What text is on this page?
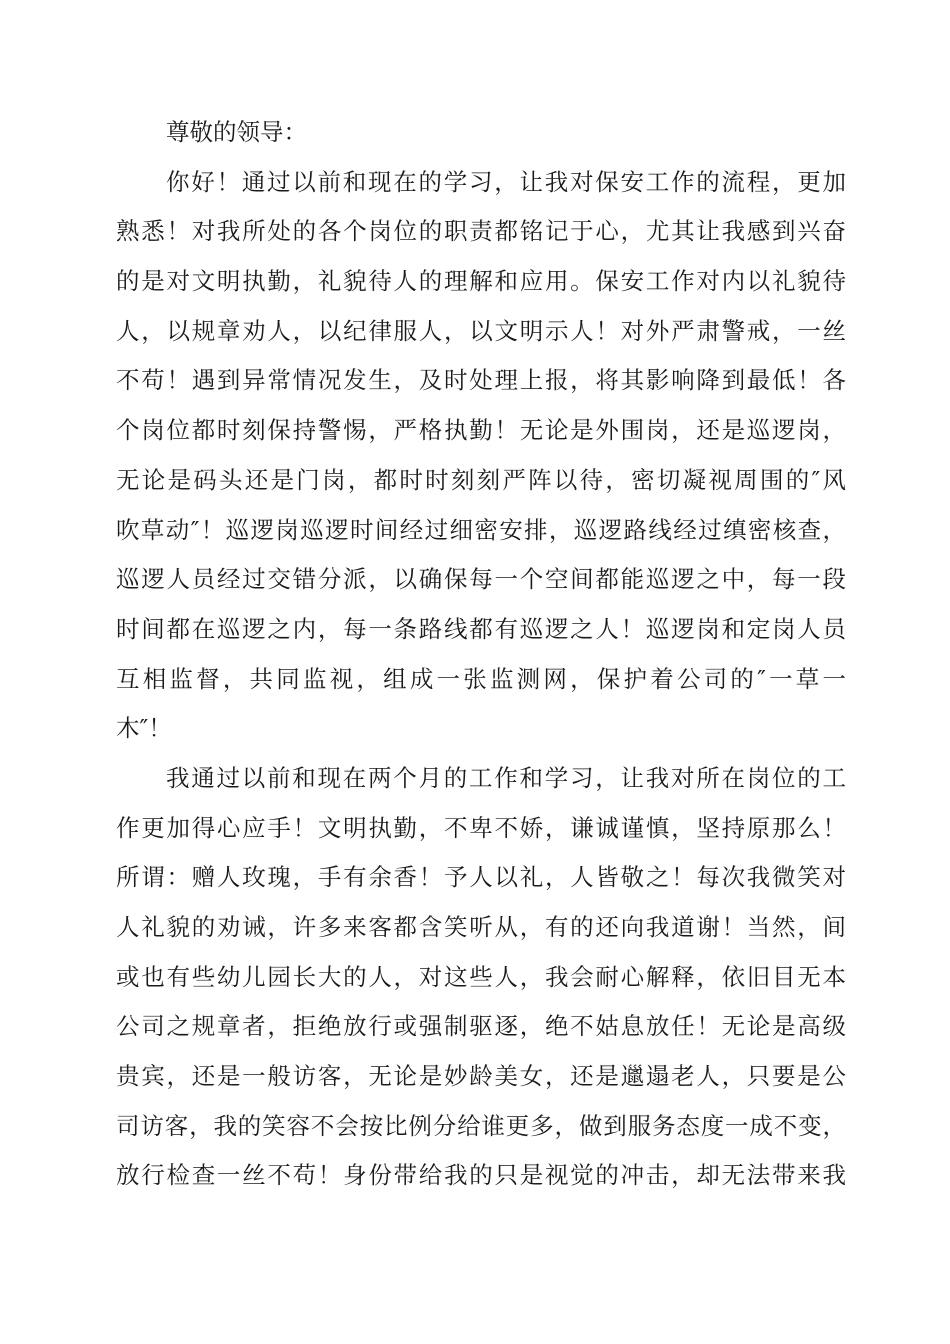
尊敬的领导：
你好！通过以前和现在的学习，让我对保安工作的流程，更加
熟悉！对我所处的各个岗位的职责都铭记于心，尤其让我感到兴奋
的是对文明执勤，礼貌待人的理解和应用。保安工作对内以礼貌待
人，以规章劝人，以纪律服人，以文明示人！对外严肃警戒，一丝
不苟！遇到异常情况发生，及时处理上报，将其影响降到最低！各
个岗位都时刻保持警惕，严格执勤！无论是外围岗，还是巡逻岗，
无论是码头还是门岗，都时时刻刻严阵以待，密切凝视周围的″风
吹草动″！巡逻岗巡逻时间经过细密安排，巡逻路线经过缜密核查，
巡逻人员经过交错分派，以确保每一个空间都能巡逻之中，每一段
时间都在巡逻之内，每一条路线都有巡逻之人！巡逻岗和定岗人员
互相监督，共同监视，组成一张监测网，保护着公司的″一草一
木″！
我通过以前和现在两个月的工作和学习，让我对所在岗位的工
作更加得心应手！文明执勤，不卑不娇，谦诚谨慎，坚持原那么！
所谓：赠人玫瑰，手有余香！予人以礼，人皆敬之！每次我微笑对
人礼貌的劝诫，许多来客都含笑听从，有的还向我道谢！当然，间
或也有些幼儿园长大的人，对这些人，我会耐心解释，依旧目无本
公司之规章者，拒绝放行或强制驱逐，绝不姑息放任！无论是高级
贵宾，还是一般访客，无论是妙龄美女，还是邋遢老人，只要是公
司访客，我的笑容不会按比例分给谁更多，做到服务态度一成不变，
放行检查一丝不苟！身份带给我的只是视觉的冲击，却无法带来我
